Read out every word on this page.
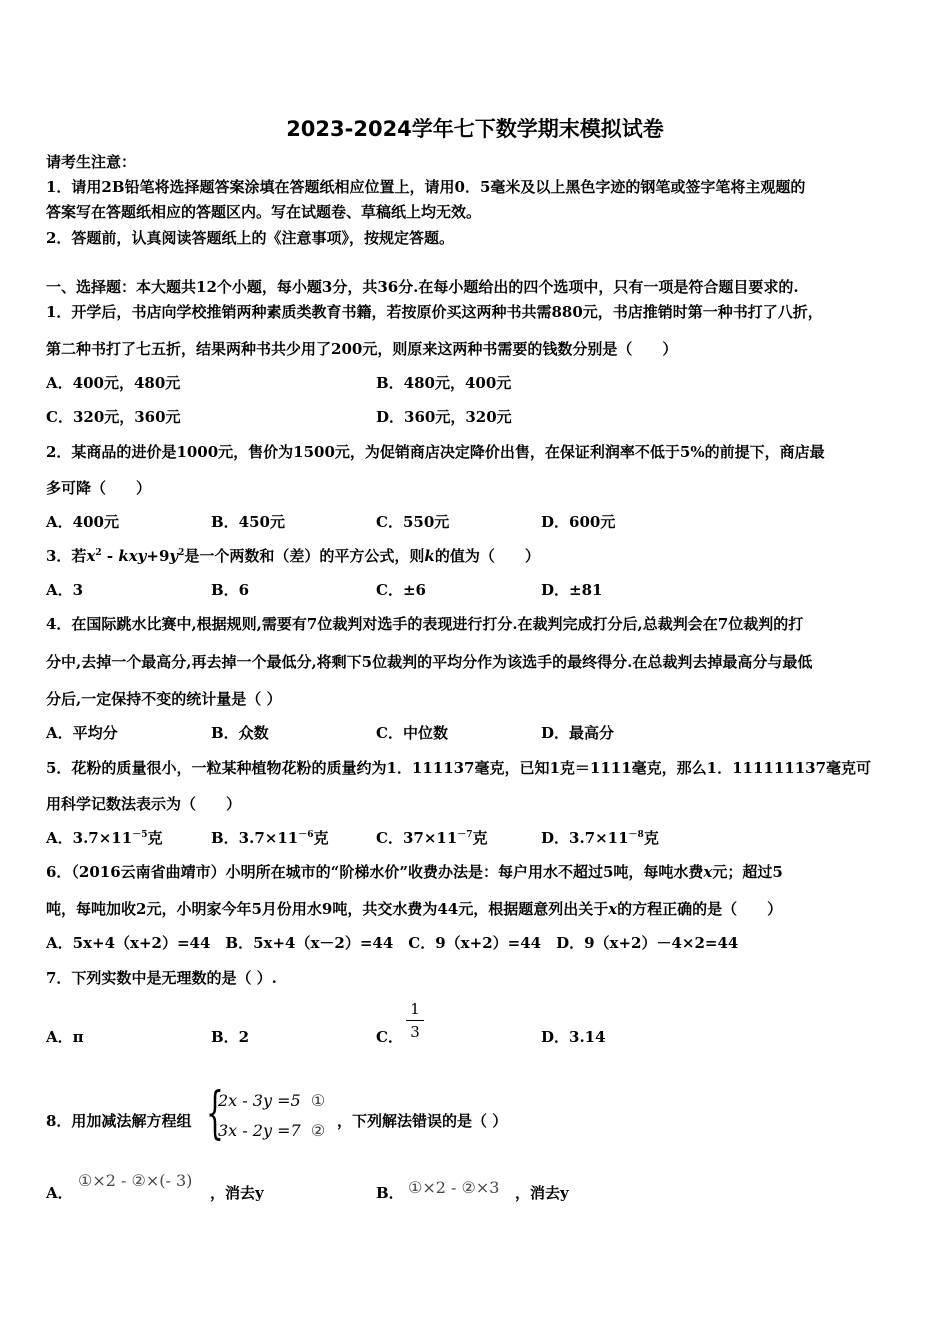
2023-2024学年七下数学期末模拟试卷
请考生注意：
1．请用2B铅笔将选择题答案涂填在答题纸相应位置上，请用0．5毫米及以上黑色字迹的钢笔或签字笔将主观题的
答案写在答题纸相应的答题区内。写在试题卷、草稿纸上均无效。
2．答题前，认真阅读答题纸上的《注意事项》，按规定答题。
一、选择题：本大题共12个小题，每小题3分，共36分.在每小题给出的四个选项中，只有一项是符合题目要求的.
1．开学后，书店向学校推销两种素质类教育书籍，若按原价买这两种书共需880元，书店推销时第一种书打了八折，
第二种书打了七五折，结果两种书共少用了200元，则原来这两种书需要的钱数分别是（　　）
A．400元，480元	B．480元，400元
C．320元，360元	D．360元，320元
2．某商品的进价是1000元，售价为1500元，为促销商店决定降价出售，在保证利润率不低于5%的前提下，商店最
多可降（　　）
A．400元	B．450元	C．550元	D．600元
3．若$x^2 - kxy+9y^2$是一个两数和（差）的平方公式，则k的值为（　　）
A．3	B．6	C．±6	D．±81
4．在国际跳水比赛中,根据规则,需要有7位裁判对选手的表现进行打分.在裁判完成打分后,总裁判会在7位裁判的打
分中,去掉一个最高分,再去掉一个最低分,将剩下5位裁判的平均分作为该选手的最终得分.在总裁判去掉最高分与最低
分后,一定保持不变的统计量是（ ）
A．平均分	B．众数	C．中位数	D．最高分
5．花粉的质量很小，一粒某种植物花粉的质量约为1．111137毫克，已知1克＝1111毫克，那么1．111111137毫克可
用科学记数法表示为（　　）
A．$3.7\times 11^{-5}$克	B．$3.7\times 11^{-6}$克	C．$37\times 11^{-7}$克	D．$3.7\times 11^{-8}$克
6．（2016云南省曲靖市）小明所在城市的“阶梯水价”收费办法是：每户用水不超过5吨，每吨水费x元；超过5
吨，每吨加收2元，小明家今年5月份用水9吨，共交水费为44元，根据题意列出关于x的方程正确的是（　　）
A．5x+4（x+2）=44　B．5x+4（x－2）=44　C．9（x+2）=44　D．9（x+2）－4×2=44
7．下列实数中是无理数的是（ ）.
A．π	B．2	C．
1
3	D．3.14
8．用加减法解方程组 {
2x - 3y =5 ①
3x - 2y =7 ② ，下列解法错误的是（ ）
A．
①×2 - ②×(- 3)
，消去y	B． ①×2 - ②×3 ，消去y
